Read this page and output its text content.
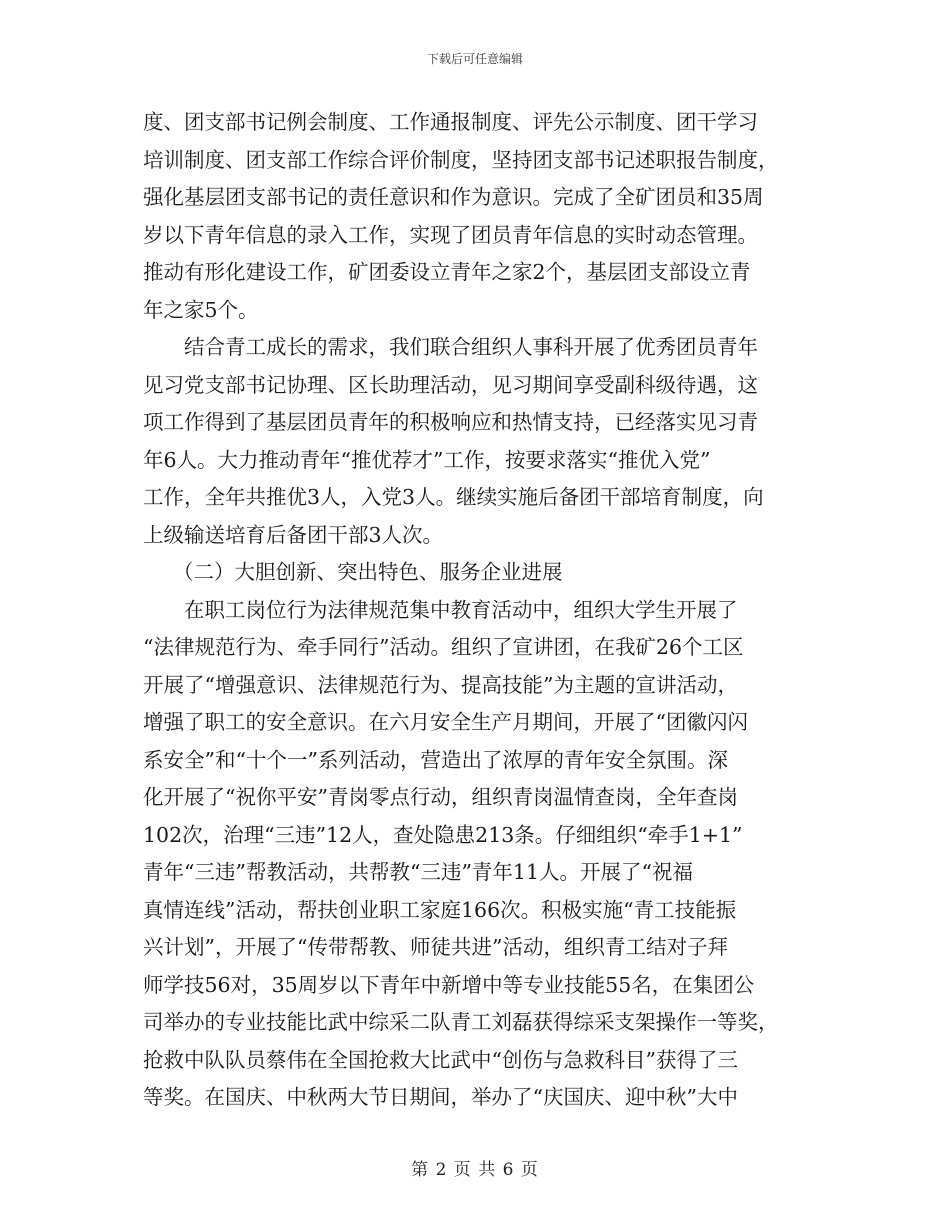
下载后可任意编辑
度、团支部书记例会制度、工作通报制度、评先公示制度、团干学习
培训制度、团支部工作综合评价制度，坚持团支部书记述职报告制度，
强化基层团支部书记的责任意识和作为意识。完成了全矿团员和35周
岁以下青年信息的录入工作，实现了团员青年信息的实时动态管理。
推动有形化建设工作，矿团委设立青年之家2个，基层团支部设立青
年之家5个。
结合青工成长的需求，我们联合组织人事科开展了优秀团员青年
见习党支部书记协理、区长助理活动，见习期间享受副科级待遇，这
项工作得到了基层团员青年的积极响应和热情支持，已经落实见习青
年6人。大力推动青年“推优荐才”工作，按要求落实“推优入党”
工作，全年共推优3人，入党3人。继续实施后备团干部培育制度，向
上级输送培育后备团干部3人次。
（二）大胆创新、突出特色、服务企业进展
在职工岗位行为法律规范集中教育活动中，组织大学生开展了
“法律规范行为、牵手同行”活动。组织了宣讲团，在我矿26个工区
开展了“增强意识、法律规范行为、提高技能”为主题的宣讲活动，
增强了职工的安全意识。在六月安全生产月期间，开展了“团徽闪闪
系安全”和“十个一”系列活动，营造出了浓厚的青年安全氛围。深
化开展了“祝你平安”青岗零点行动，组织青岗温情查岗，全年查岗
102次，治理“三违”12人，查处隐患213条。仔细组织“牵手1+1”
青年“三违”帮教活动，共帮教“三违”青年11人。开展了“祝福
真情连线”活动，帮扶创业职工家庭166次。积极实施“青工技能振
兴计划”，开展了“传带帮教、师徒共进”活动，组织青工结对子拜
师学技56对，35周岁以下青年中新增中等专业技能55名，在集团公
司举办的专业技能比武中综采二队青工刘磊获得综采支架操作一等奖，
抢救中队队员蔡伟在全国抢救大比武中“创伤与急救科目”获得了三
等奖。在国庆、中秋两大节日期间，举办了“庆国庆、迎中秋”大中
第 2 页 共 6 页
